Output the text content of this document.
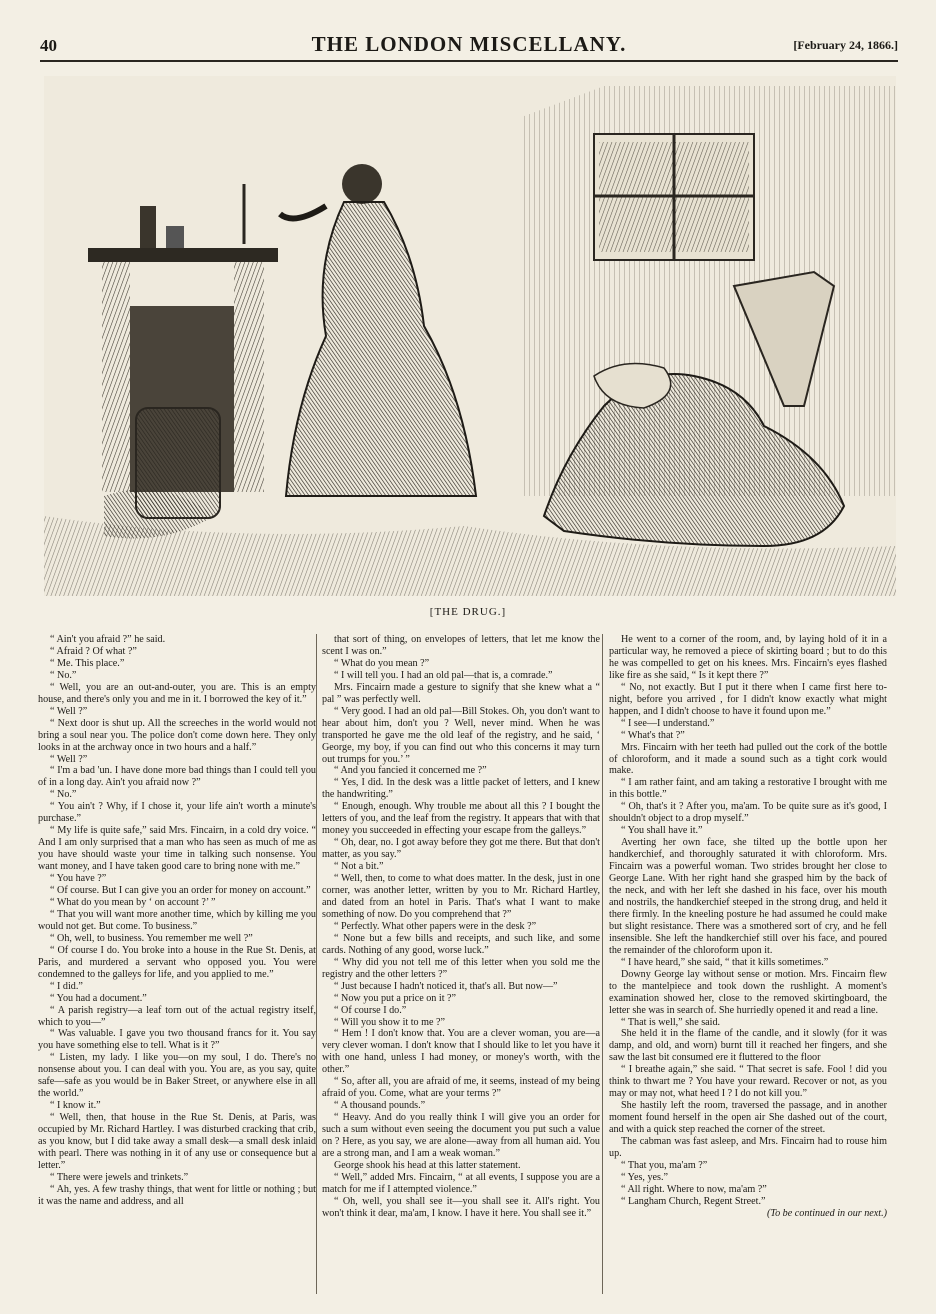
40	THE LONDON MISCELLANY.	[February 24, 1866.]
[THE DRUG.]

“ Ain't you afraid ?” he said.

“ Afraid ? Of what ?”

“ Me. This place.”

“ No.”

“ Well, you are an out-and-outer, you are. This is an empty house, and there's only you and me in it. I borrowed the key of it.”

“ Well ?”

“ Next door is shut up. All the screeches in the world would not bring a soul near you. The police don't come down here. They only looks in at the archway once in two hours and a half.”

“ Well ?”

“ I'm a bad 'un. I have done more bad things than I could tell you of in a long day. Ain't you afraid now ?”

“ No.”

“ You ain't ? Why, if I chose it, your life ain't worth a minute's purchase.”

“ My life is quite safe,” said Mrs. Fincairn, in a cold dry voice. “ And I am only surprised that a man who has seen as much of me as you have should waste your time in talking such nonsense. You want money, and I have taken good care to bring none with me.”

“ You have ?”

“ Of course. But I can give you an order for money on account.”

“ What do you mean by ‘ on account ?’ ”

“ That you will want more another time, which by killing me you would not get. But come. To business.”

“ Oh, well, to business. You remember me well ?”

“ Of course I do. You broke into a house in the Rue St. Denis, at Paris, and murdered a servant who opposed you. You were condemned to the galleys for life, and you applied to me.”

“ I did.”

“ You had a document.”

“ A parish registry—a leaf torn out of the actual registry itself, which to you—”

“ Was valuable. I gave you two thousand francs for it. You say you have something else to tell. What is it ?”

“ Listen, my lady. I like you—on my soul, I do. There's no nonsense about you. I can deal with you. You are, as you say, quite safe—safe as you would be in Baker Street, or anywhere else in all the world.”

“ I know it.”

“ Well, then, that house in the Rue St. Denis, at Paris, was occupied by Mr. Richard Hartley. I was disturbed cracking that crib, as you know, but I did take away a small desk—a small desk inlaid with pearl. There was nothing in it of any use or consequence but a letter.”

“ There were jewels and trinkets.”

“ Ah, yes. A few trashy things, that went for little or nothing ; but it was the name and address, and all

that sort of thing, on envelopes of letters, that let me know the scent I was on.”

“ What do you mean ?”

“ I will tell you. I had an old pal—that is, a comrade.”

Mrs. Fincairn made a gesture to signify that she knew what a “ pal ” was perfectly well.

“ Very good. I had an old pal—Bill Stokes. Oh, you don't want to hear about him, don't you ? Well, never mind. When he was transported he gave me the old leaf of the registry, and he said, ‘ George, my boy, if you can find out who this concerns it may turn out trumps for you.’ ”

“ And you fancied it concerned me ?”

“ Yes, I did. In the desk was a little packet of letters, and I knew the handwriting.”

“ Enough, enough. Why trouble me about all this ? I bought the letters of you, and the leaf from the registry. It appears that with that money you succeeded in effecting your escape from the galleys.”

“ Oh, dear, no. I got away before they got me there. But that don't matter, as you say.”

“ Not a bit.”

“ Well, then, to come to what does matter. In the desk, just in one corner, was another letter, written by you to Mr. Richard Hartley, and dated from an hotel in Paris. That's what I want to make something of now. Do you comprehend that ?”

“ Perfectly. What other papers were in the desk ?”

“ None but a few bills and receipts, and such like, and some cards. Nothing of any good, worse luck.”

“ Why did you not tell me of this letter when you sold me the registry and the other letters ?”

“ Just because I hadn't noticed it, that's all. But now—”

“ Now you put a price on it ?”

“ Of course I do.”

“ Will you show it to me ?”

“ Hem ! I don't know that. You are a clever woman, you are—a very clever woman. I don't know that I should like to let you have it with one hand, unless I had money, or money's worth, with the other.”

“ So, after all, you are afraid of me, it seems, instead of my being afraid of you. Come, what are your terms ?”

“ A thousand pounds.”

“ Heavy. And do you really think I will give you an order for such a sum without even seeing the document you put such a value on ? Here, as you say, we are alone—away from all human aid. You are a strong man, and I am a weak woman.”

George shook his head at this latter statement.

“ Well,” added Mrs. Fincairn, “ at all events, I suppose you are a match for me if I attempted violence.”

“ Oh, well, you shall see it—you shall see it. All's right. You won't think it dear, ma'am, I know. I have it here. You shall see it.”

He went to a corner of the room, and, by laying hold of it in a particular way, he removed a piece of skirting board ; but to do this he was compelled to get on his knees. Mrs. Fincairn's eyes flashed like fire as she said, “ Is it kept there ?”

“ No, not exactly. But I put it there when I came first here to-night, before you arrived , for I didn't know exactly what might happen, and I didn't choose to have it found upon me.”

“ I see—I understand.”

“ What's that ?”

Mrs. Fincairn with her teeth had pulled out the cork of the bottle of chloroform, and it made a sound such as a tight cork would make.

“ I am rather faint, and am taking a restorative I brought with me in this bottle.”

“ Oh, that's it ? After you, ma'am. To be quite sure as it's good, I shouldn't object to a drop myself.”

“ You shall have it.”

Averting her own face, she tilted up the bottle upon her handkerchief, and thoroughly saturated it with chloroform. Mrs. Fincairn was a powerful woman. Two strides brought her close to George Lane. With her right hand she grasped him by the back of the neck, and with her left she dashed in his face, over his mouth and nostrils, the handkerchief steeped in the strong drug, and held it there firmly. In the kneeling posture he had assumed he could make but slight resistance. There was a smothered sort of cry, and he fell insensible. She left the handkerchief still over his face, and poured the remainder of the chloroform upon it.

“ I have heard,” she said, “ that it kills sometimes.”

Downy George lay without sense or motion. Mrs. Fincairn flew to the mantelpiece and took down the rushlight. A moment's examination showed her, close to the removed skirtingboard, the letter she was in search of. She hurriedly opened it and read a line.

“ That is well,” she said.

She held it in the flame of the candle, and it slowly (for it was damp, and old, and worn) burnt till it reached her fingers, and she saw the last bit consumed ere it fluttered to the floor

“ I breathe again,” she said. “ That secret is safe. Fool ! did you think to thwart me ? You have your reward. Recover or not, as you may or may not, what heed I ? I do not kill you.”

She hastily left the room, traversed the passage, and in another moment found herself in the open air She dashed out of the court, and with a quick step reached the corner of the street.

The cabman was fast asleep, and Mrs. Fincairn had to rouse him up.

“ That you, ma'am ?”

“ Yes, yes.”

“ All right. Where to now, ma'am ?”

“ Langham Church, Regent Street.”

(To be continued in our next.)
